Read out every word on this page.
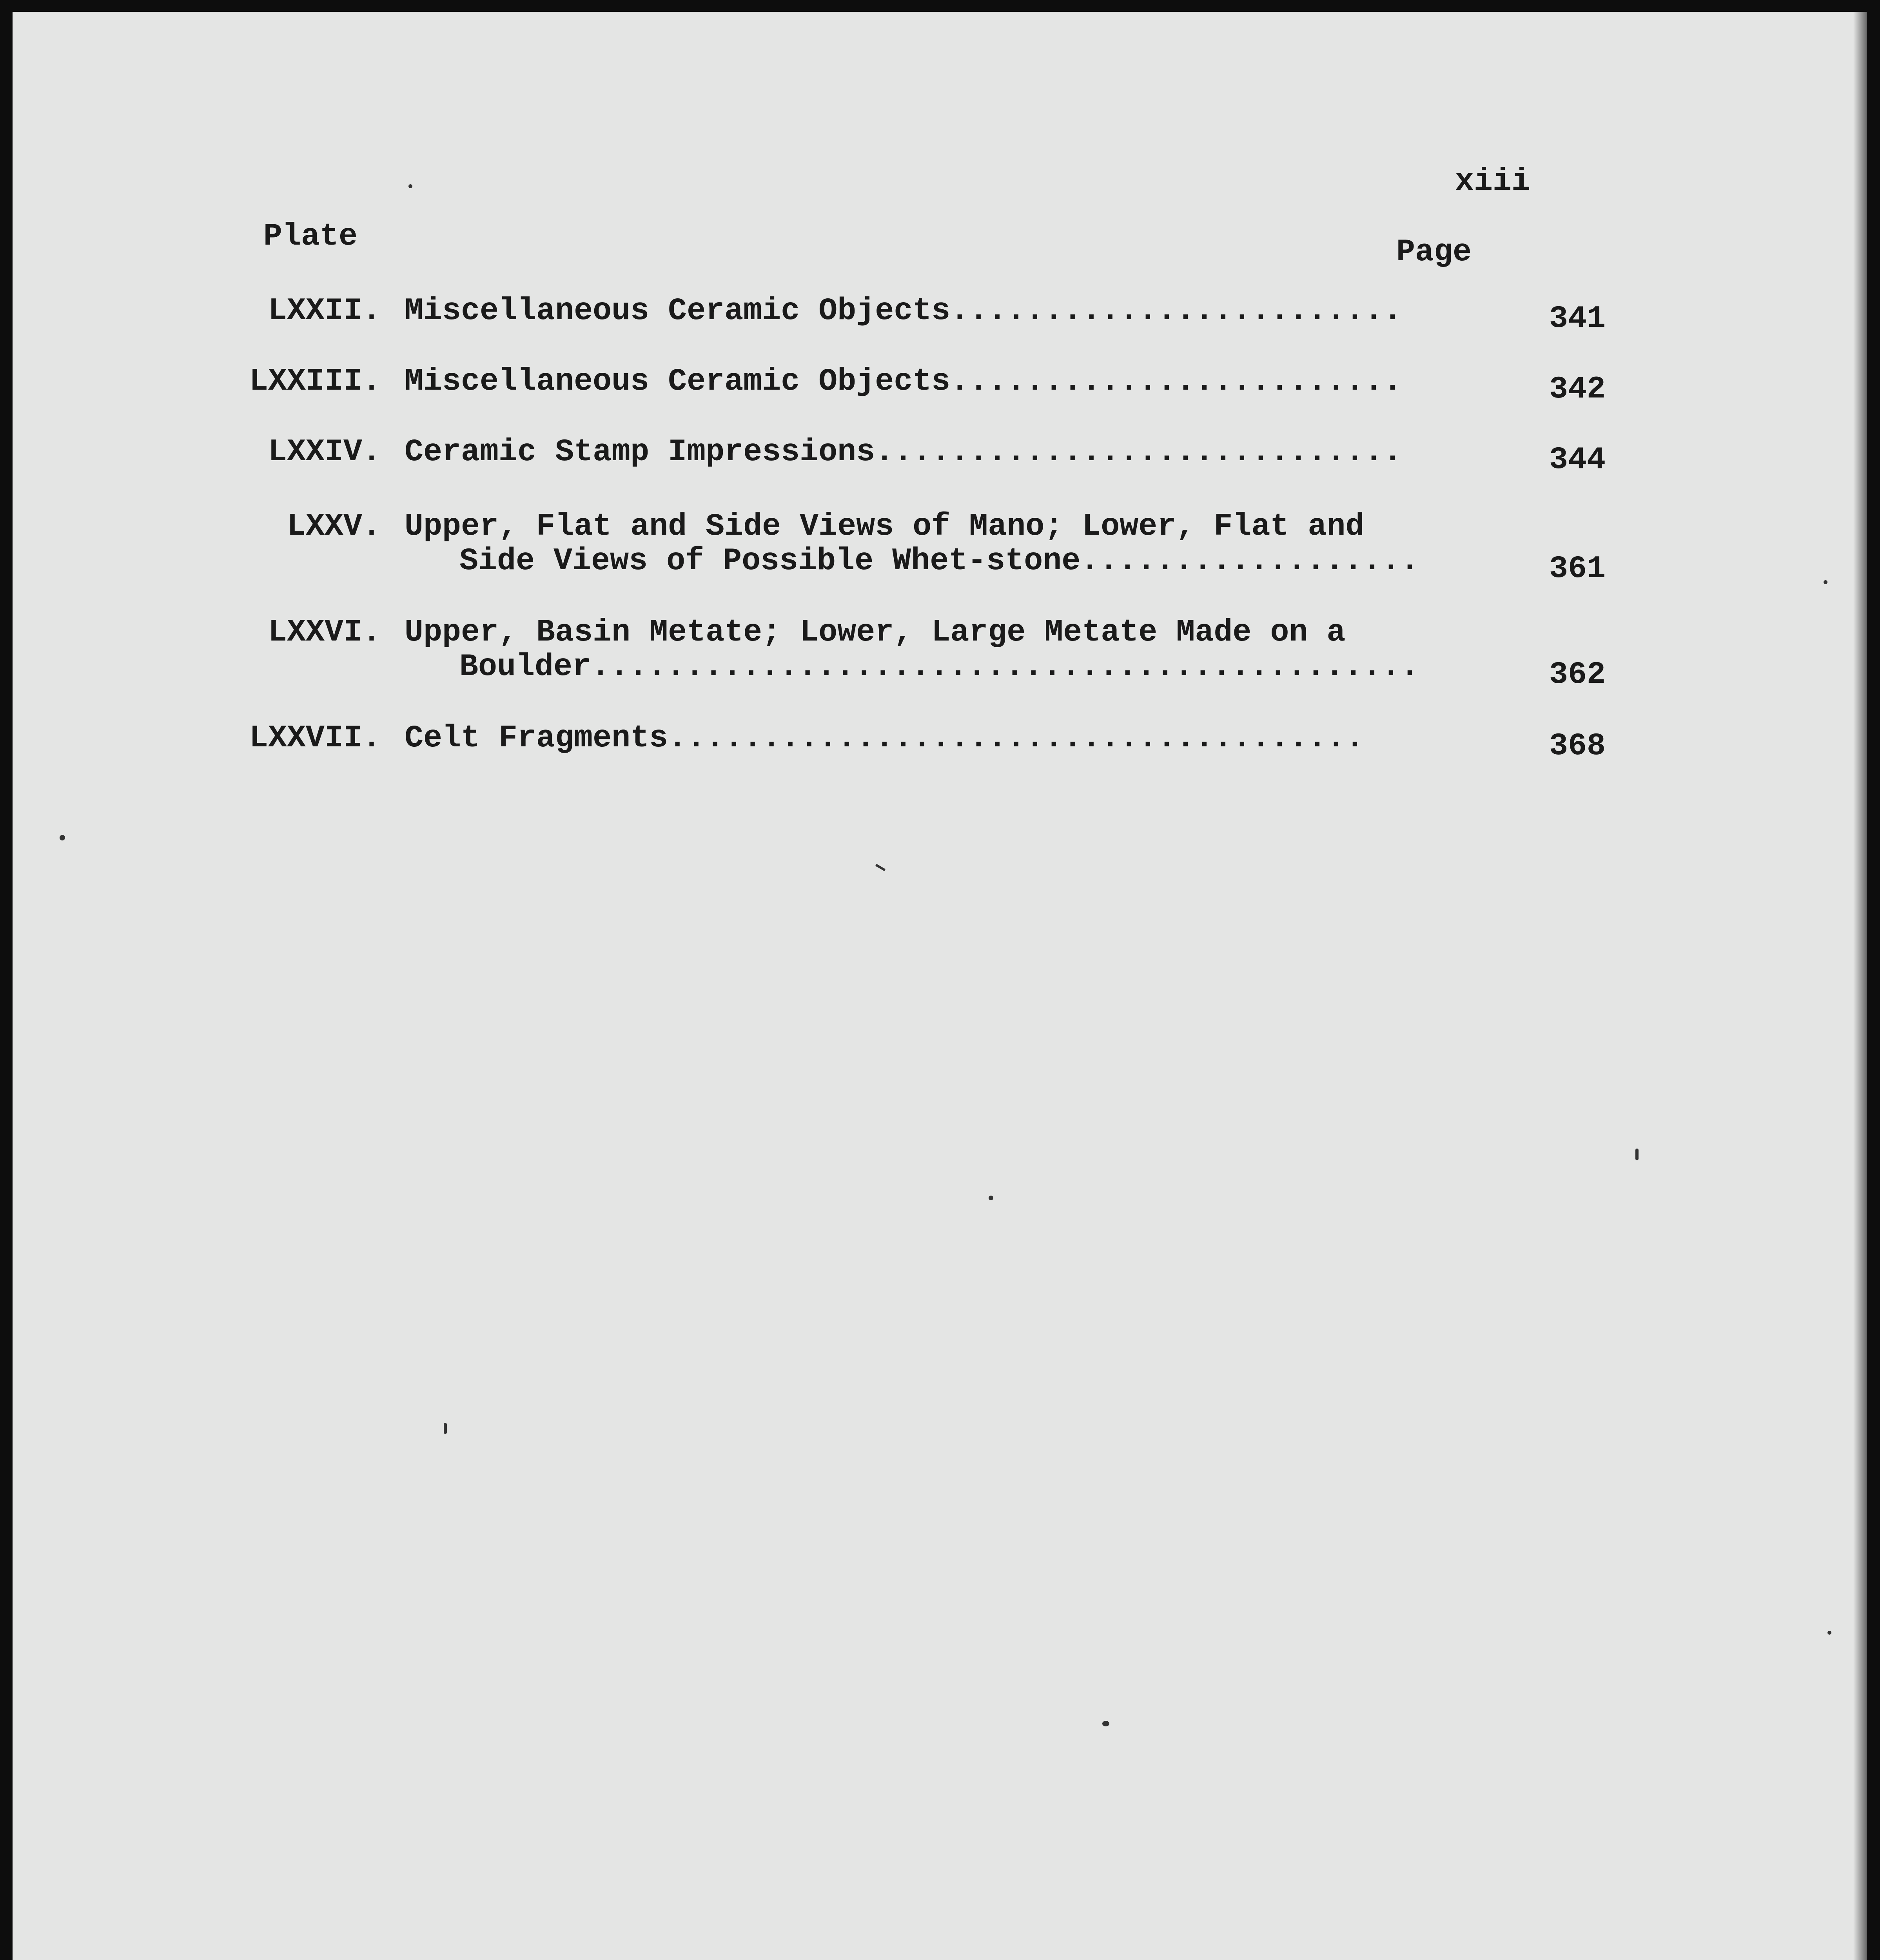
xiii
Plate	Page
LXXII. Miscellaneous Ceramic Objects........................	341
LXXIII. Miscellaneous Ceramic Objects........................	342
LXXIV. Ceramic Stamp Impressions............................	344
LXXV. Upper, Flat and Side Views of Mano; Lower, Flat and
Side Views of Possible Whet-stone..................	361
LXXVI. Upper, Basin Metate; Lower, Large Metate Made on a
Boulder............................................	362
LXXVII. Celt Fragments.....................................	368
